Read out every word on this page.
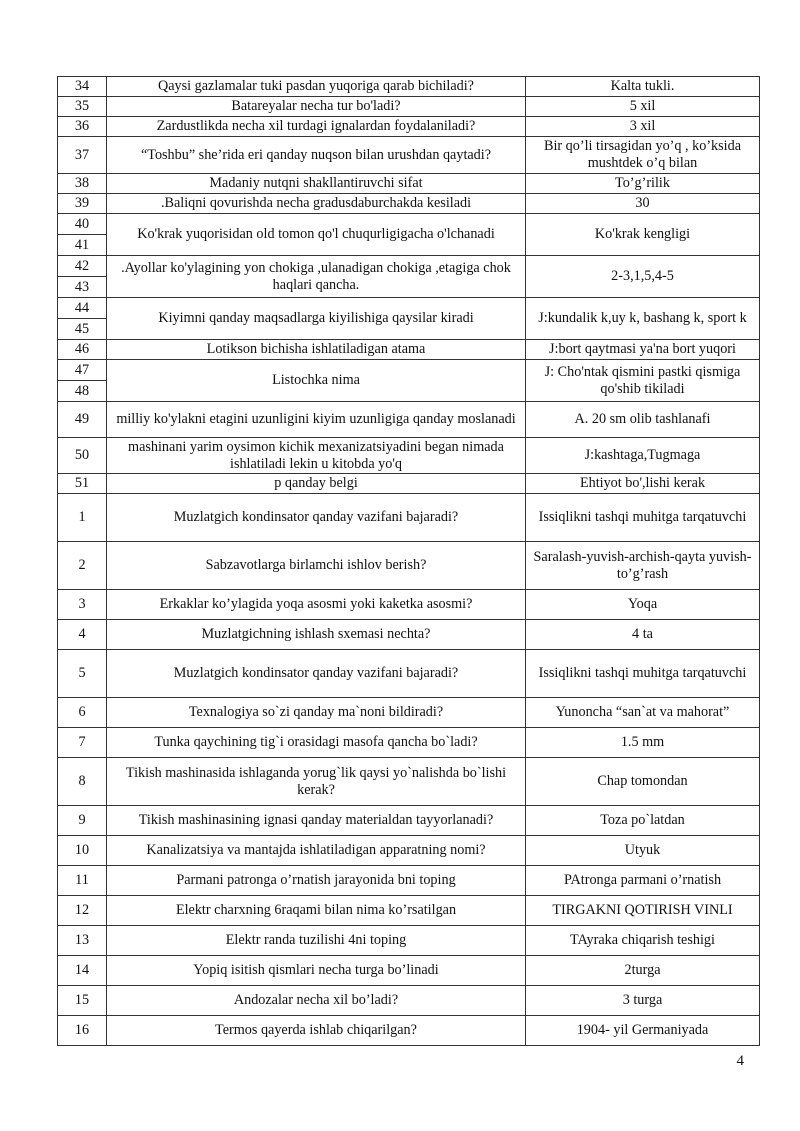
34	Qaysi gazlamalar tuki pasdan yuqoriga qarab bichiladi?	Kalta tukli.
35	Batareyalar necha tur bo'ladi?	5 xil
36	Zardustlikda necha xil turdagi ignalardan foydalaniladi?	3 xil
37	“Toshbu” she’rida eri qanday nuqson bilan urushdan qaytadi?	Bir qo’li tirsagidan yo’q , ko’ksida mushtdek o’q bilan
38	Madaniy nutqni shakllantiruvchi sifat	To’g’rilik
39	.Baliqni qovurishda necha gradusdaburchakda kesiladi	30
40	Ko'krak yuqorisidan old tomon qo'l chuqurligigacha o'lchanadi	Ko'krak kengligi
41		
42	.Ayollar ko'ylagining yon chokiga ,ulanadigan chokiga ,etagiga chok haqlari qancha.	2-3,1,5,4-5
43		
44	Kiyimni qanday maqsadlarga kiyilishiga qaysilar kiradi	J:kundalik k,uy k, bashang k, sport k
45		
46	Lotikson bichisha ishlatiladigan atama	J:bort qaytmasi ya'na bort yuqori
47	Listochka nima	J: Cho'ntak qismini pastki qismiga qo'shib tikiladi
48		
49	milliy ko'ylakni etagini uzunligini kiyim uzunligiga qanday moslanadi	A. 20 sm olib tashlanafi
50	mashinani yarim oysimon kichik mexanizatsiyadini began nimada ishlatiladi lekin u kitobda yo'q	J:kashtaga,Tugmaga
51	p qanday belgi	Ehtiyot bo',lishi kerak
1	Muzlatgich kondinsator qanday vazifani bajaradi?	Issiqlikni tashqi muhitga tarqatuvchi
2	Sabzavotlarga birlamchi ishlov berish?	Saralash-yuvish-archish-qayta yuvish-to’g’rash
3	Erkaklar ko’ylagida yoqa asosmi yoki kaketka asosmi?	Yoqa
4	Muzlatgichning ishlash sxemasi nechta?	4 ta
5	Muzlatgich kondinsator qanday vazifani bajaradi?	Issiqlikni tashqi muhitga tarqatuvchi
6	Texnalogiya so`zi qanday ma`noni bildiradi?	Yunoncha “san`at va mahorat”
7	Tunka qaychining tig`i orasidagi masofa qancha bo`ladi?	1.5 mm
8	Tikish mashinasida ishlaganda yorug`lik qaysi yo`nalishda bo`lishi kerak?	Chap tomondan
9	Tikish mashinasining ignasi qanday materialdan tayyorlanadi?	Toza po`latdan
10	Kanalizatsiya va mantajda ishlatiladigan apparatning nomi?	Utyuk
11	Parmani patronga o’rnatish jarayonida bni toping	PAtronga parmani o’rnatish
12	Elektr charxning 6raqami bilan nima ko’rsatilgan	TIRGAKNI QOTIRISH VINLI
13	Elektr randa tuzilishi 4ni toping	TAyraka chiqarish teshigi
14	Yopiq isitish qismlari necha turga bo’linadi	2turga
15	Andozalar necha xil bo’ladi?	3 turga
16	Termos qayerda ishlab chiqarilgan?	1904- yil Germaniyada
4
